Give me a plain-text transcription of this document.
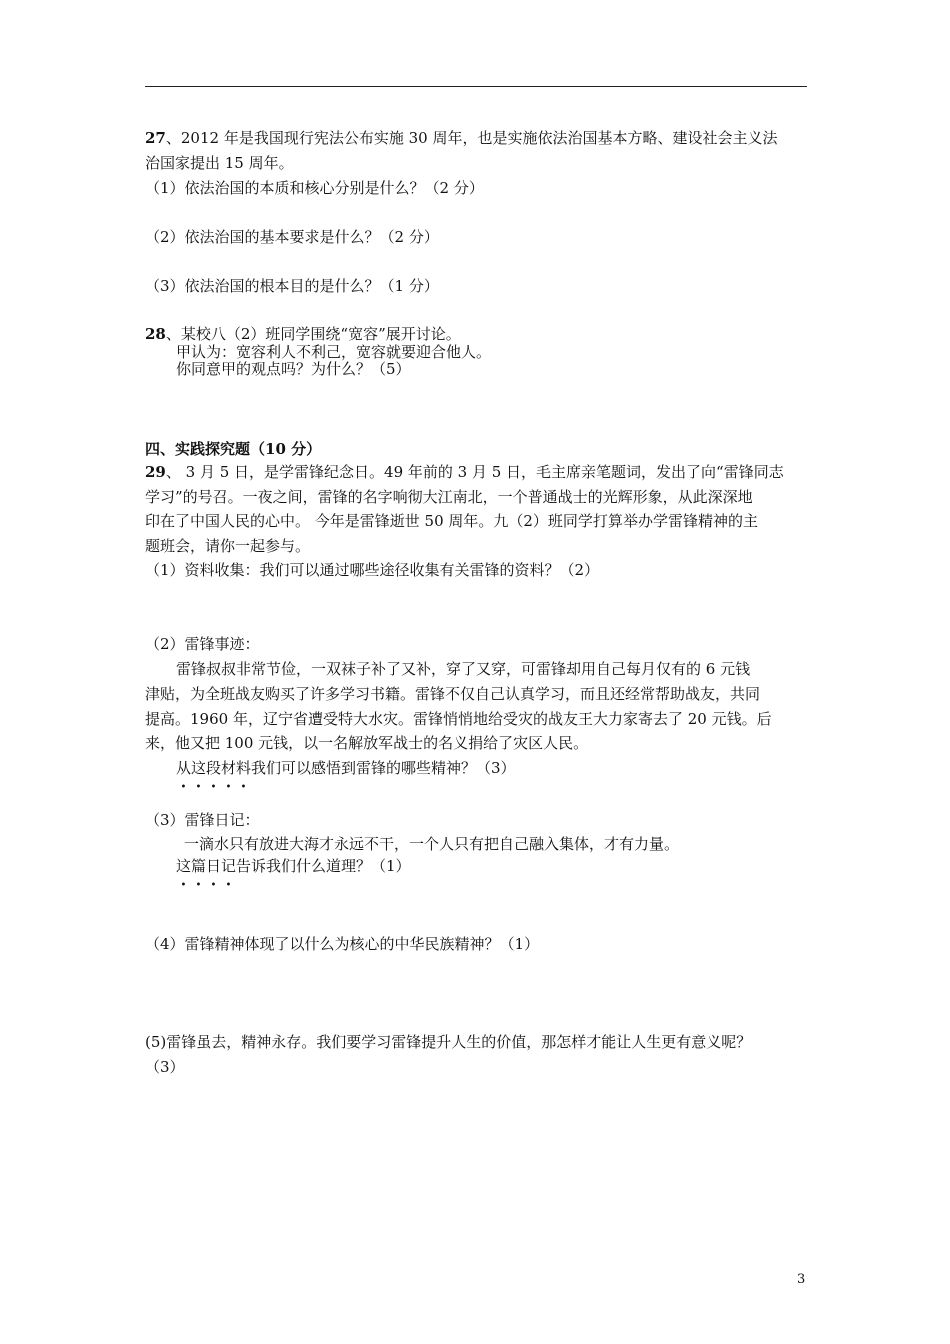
27、2012 年是我国现行宪法公布实施 30 周年，也是实施依法治国基本方略、建设社会主义法
治国家提出 15 周年。
（1）依法治国的本质和核心分别是什么？（2 分）
（2）依法治国的基本要求是什么？（2 分）
（3）依法治国的根本目的是什么？（1 分）
28、某校八（2）班同学围绕“宽容”展开讨论。
甲认为：宽容利人不利己，宽容就要迎合他人。
你同意甲的观点吗？为什么？（5）
四、实践探究题（10 分）
29、 3 月 5 日，是学雷锋纪念日。49 年前的 3 月 5 日，毛主席亲笔题词，发出了向“雷锋同志
学习”的号召。一夜之间，雷锋的名字响彻大江南北，一个普通战士的光辉形象，从此深深地
印在了中国人民的心中。 今年是雷锋逝世 50 周年。九（2）班同学打算举办学雷锋精神的主
题班会，请你一起参与。
（1）资料收集：我们可以通过哪些途径收集有关雷锋的资料？（2）
（2）雷锋事迹：
雷锋叔叔非常节俭，一双袜子补了又补，穿了又穿，可雷锋却用自己每月仅有的 6 元钱
津贴，为全班战友购买了许多学习书籍。雷锋不仅自己认真学习，而且还经常帮助战友，共同
提高。1960 年，辽宁省遭受特大水灾。雷锋悄悄地给受灾的战友王大力家寄去了 20 元钱。后
来，他又把 100 元钱，以一名解放军战士的名义捐给了灾区人民。
从这段材料
• • • • •
我们可以感悟到雷锋的哪些精神？（3）
（3）雷锋日记：
一滴水只有放进大海才永远不干，一个人只有把自己融入集体，才有力量。
这篇日记
• • • •
告诉我们什么道理？（1）
（4）雷锋精神体现了以什么为核心的中华民族精神？（1）
(5)雷锋虽去，精神永存。我们要学习雷锋提升人生的价值，那怎样才能让人生更有意义呢？
（3）
3
